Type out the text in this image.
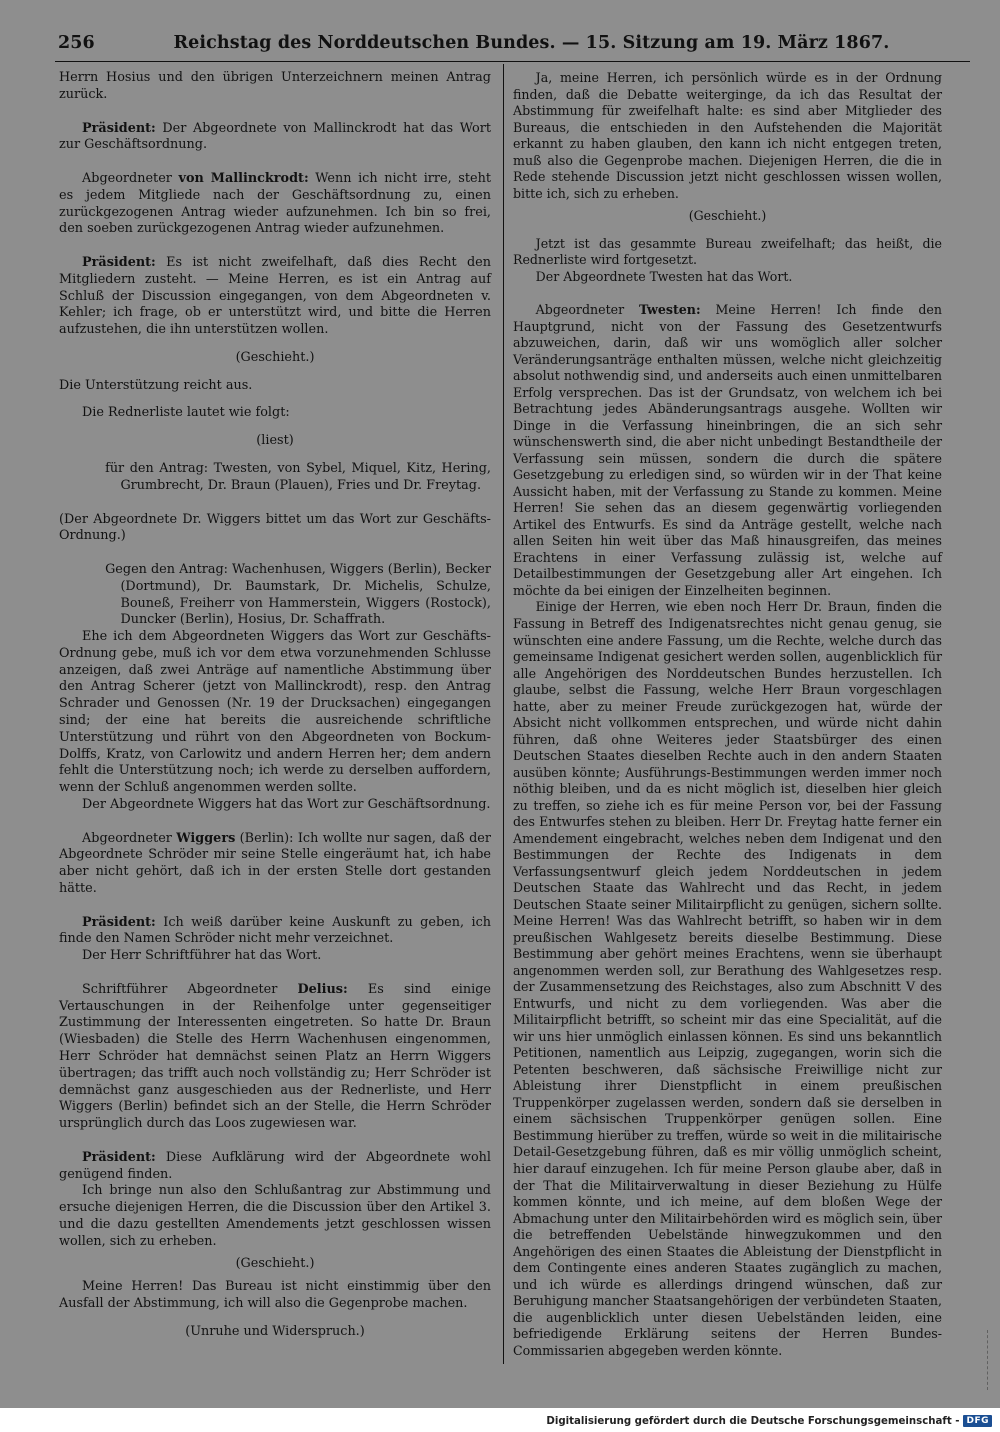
256	Reichstag des Norddeutschen Bundes. — 15. Sitzung am 19. März 1867.

Herrn Hosius und den übrigen Unterzeichnern meinen Antrag zurück.

Präsident: Der Abgeordnete von Mallinckrodt hat das Wort zur Geschäftsordnung.

Abgeordneter von Mallinckrodt: Wenn ich nicht irre, steht es jedem Mitgliede nach der Geschäftsordnung zu, einen zurückgezogenen Antrag wieder aufzunehmen. Ich bin so frei, den soeben zurückgezogenen Antrag wieder aufzunehmen.

Präsident: Es ist nicht zweifelhaft, daß dies Recht den Mitgliedern zusteht. — Meine Herren, es ist ein Antrag auf Schluß der Discussion eingegangen, von dem Abgeordneten v. Kehler; ich frage, ob er unterstützt wird, und bitte die Herren aufzustehen, die ihn unterstützen wollen.

(Geschieht.)

Die Unterstützung reicht aus.

Die Rednerliste lautet wie folgt:

(liest)

für den Antrag: Twesten, von Sybel, Miquel, Kitz, Hering, Grumbrecht, Dr. Braun (Plauen), Fries und Dr. Freytag.

(Der Abgeordnete Dr. Wiggers bittet um das Wort zur Geschäfts-Ordnung.)

Gegen den Antrag: Wachenhusen, Wiggers (Berlin), Becker (Dortmund), Dr. Baumstark, Dr. Michelis, Schulze, Bouneß, Freiherr von Hammerstein, Wiggers (Rostock), Duncker (Berlin), Hosius, Dr. Schaffrath.

Ehe ich dem Abgeordneten Wiggers das Wort zur Geschäfts-Ordnung gebe, muß ich vor dem etwa vorzunehmenden Schlusse anzeigen, daß zwei Anträge auf namentliche Abstimmung über den Antrag Scherer (jetzt von Mallinckrodt), resp. den Antrag Schrader und Genossen (Nr. 19 der Drucksachen) eingegangen sind; der eine hat bereits die ausreichende schriftliche Unterstützung und rührt von den Abgeordneten von Bockum-Dolffs, Kratz, von Carlowitz und andern Herren her; dem andern fehlt die Unterstützung noch; ich werde zu derselben auffordern, wenn der Schluß angenommen werden sollte.

Der Abgeordnete Wiggers hat das Wort zur Geschäftsordnung.

Abgeordneter Wiggers (Berlin): Ich wollte nur sagen, daß der Abgeordnete Schröder mir seine Stelle eingeräumt hat, ich habe aber nicht gehört, daß ich in der ersten Stelle dort gestanden hätte.

Präsident: Ich weiß darüber keine Auskunft zu geben, ich finde den Namen Schröder nicht mehr verzeichnet.

Der Herr Schriftführer hat das Wort.

Schriftführer Abgeordneter Delius: Es sind einige Vertauschungen in der Reihenfolge unter gegenseitiger Zustimmung der Interessenten eingetreten. So hatte Dr. Braun (Wiesbaden) die Stelle des Herrn Wachenhusen eingenommen, Herr Schröder hat demnächst seinen Platz an Herrn Wiggers übertragen; das trifft auch noch vollständig zu; Herr Schröder ist demnächst ganz ausgeschieden aus der Rednerliste, und Herr Wiggers (Berlin) befindet sich an der Stelle, die Herrn Schröder ursprünglich durch das Loos zugewiesen war.

Präsident: Diese Aufklärung wird der Abgeordnete wohl genügend finden.

Ich bringe nun also den Schlußantrag zur Abstimmung und ersuche diejenigen Herren, die die Discussion über den Artikel 3. und die dazu gestellten Amendements jetzt geschlossen wissen wollen, sich zu erheben.

(Geschieht.)

Meine Herren! Das Bureau ist nicht einstimmig über den Ausfall der Abstimmung, ich will also die Gegenprobe machen.

(Unruhe und Widerspruch.)

Ja, meine Herren, ich persönlich würde es in der Ordnung finden, daß die Debatte weiterginge, da ich das Resultat der Abstimmung für zweifelhaft halte: es sind aber Mitglieder des Bureaus, die entschieden in den Aufstehenden die Majorität erkannt zu haben glauben, den kann ich nicht entgegen treten, muß also die Gegenprobe machen. Diejenigen Herren, die die in Rede stehende Discussion jetzt nicht geschlossen wissen wollen, bitte ich, sich zu erheben.

(Geschieht.)

Jetzt ist das gesammte Bureau zweifelhaft; das heißt, die Rednerliste wird fortgesetzt.

Der Abgeordnete Twesten hat das Wort.

Abgeordneter Twesten: Meine Herren! Ich finde den Hauptgrund, nicht von der Fassung des Gesetzentwurfs abzuweichen, darin, daß wir uns womöglich aller solcher Veränderungsanträge enthalten müssen, welche nicht gleichzeitig absolut nothwendig sind, und anderseits auch einen unmittelbaren Erfolg versprechen. Das ist der Grundsatz, von welchem ich bei Betrachtung jedes Abänderungsantrags ausgehe. Wollten wir Dinge in die Verfassung hineinbringen, die an sich sehr wünschenswerth sind, die aber nicht unbedingt Bestandtheile der Verfassung sein müssen, sondern die durch die spätere Gesetzgebung zu erledigen sind, so würden wir in der That keine Aussicht haben, mit der Verfassung zu Stande zu kommen. Meine Herren! Sie sehen das an diesem gegenwärtig vorliegenden Artikel des Entwurfs. Es sind da Anträge gestellt, welche nach allen Seiten hin weit über das Maß hinausgreifen, das meines Erachtens in einer Verfassung zulässig ist, welche auf Detailbestimmungen der Gesetzgebung aller Art eingehen. Ich möchte da bei einigen der Einzelheiten beginnen.

Einige der Herren, wie eben noch Herr Dr. Braun, finden die Fassung in Betreff des Indigenatsrechtes nicht genau genug, sie wünschten eine andere Fassung, um die Rechte, welche durch das gemeinsame Indigenat gesichert werden sollen, augenblicklich für alle Angehörigen des Norddeutschen Bundes herzustellen. Ich glaube, selbst die Fassung, welche Herr Braun vorgeschlagen hatte, aber zu meiner Freude zurückgezogen hat, würde der Absicht nicht vollkommen entsprechen, und würde nicht dahin führen, daß ohne Weiteres jeder Staatsbürger des einen Deutschen Staates dieselben Rechte auch in den andern Staaten ausüben könnte; Ausführungs-Bestimmungen werden immer noch nöthig bleiben, und da es nicht möglich ist, dieselben hier gleich zu treffen, so ziehe ich es für meine Person vor, bei der Fassung des Entwurfes stehen zu bleiben. Herr Dr. Freytag hatte ferner ein Amendement eingebracht, welches neben dem Indigenat und den Bestimmungen der Rechte des Indigenats in dem Verfassungsentwurf gleich jedem Norddeutschen in jedem Deutschen Staate das Wahlrecht und das Recht, in jedem Deutschen Staate seiner Militairpflicht zu genügen, sichern sollte. Meine Herren! Was das Wahlrecht betrifft, so haben wir in dem preußischen Wahlgesetz bereits dieselbe Bestimmung. Diese Bestimmung aber gehört meines Erachtens, wenn sie überhaupt angenommen werden soll, zur Berathung des Wahlgesetzes resp. der Zusammensetzung des Reichstages, also zum Abschnitt V des Entwurfs, und nicht zu dem vorliegenden. Was aber die Militairpflicht betrifft, so scheint mir das eine Specialität, auf die wir uns hier unmöglich einlassen können. Es sind uns bekanntlich Petitionen, namentlich aus Leipzig, zugegangen, worin sich die Petenten beschweren, daß sächsische Freiwillige nicht zur Ableistung ihrer Dienstpflicht in einem preußischen Truppenkörper zugelassen werden, sondern daß sie derselben in einem sächsischen Truppenkörper genügen sollen. Eine Bestimmung hierüber zu treffen, würde so weit in die militairische Detail-Gesetzgebung führen, daß es mir völlig unmöglich scheint, hier darauf einzugehen. Ich für meine Person glaube aber, daß in der That die Militairverwaltung in dieser Beziehung zu Hülfe kommen könnte, und ich meine, auf dem bloßen Wege der Abmachung unter den Militairbehörden wird es möglich sein, über die betreffenden Uebelstände hinwegzukommen und den Angehörigen des einen Staates die Ableistung der Dienstpflicht in dem Contingente eines anderen Staates zugänglich zu machen, und ich würde es allerdings dringend wünschen, daß zur Beruhigung mancher Staatsangehörigen der verbündeten Staaten, die augenblicklich unter diesen Uebelständen leiden, eine befriedigende Erklärung seitens der Herren Bundes-Commissarien abgegeben werden könnte.

Digitalisierung gefördert durch die Deutsche Forschungsgemeinschaft - DFG
